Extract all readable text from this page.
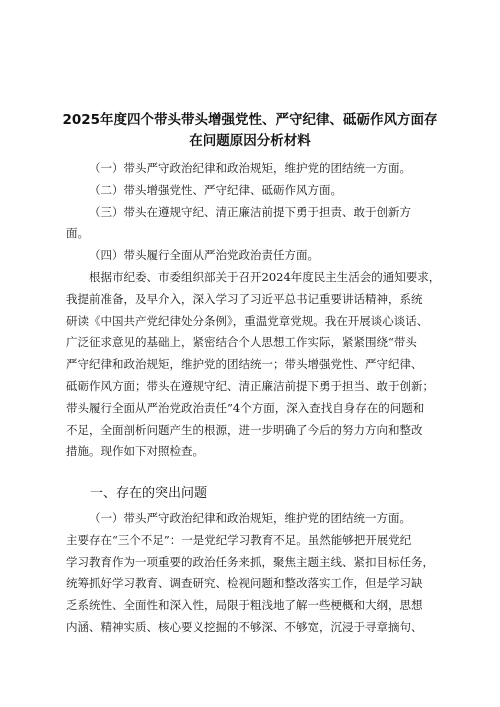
2025年度四个带头带头增强党性、严守纪律、砥砺作风方面存
在问题原因分析材料
（一）带头严守政治纪律和政治规矩，维护党的团结统一方面。
（二）带头增强党性、严守纪律、砥砺作风方面。
（三）带头在遵规守纪、清正廉洁前提下勇于担责、敢于创新方
面。
（四）带头履行全面从严治党政治责任方面。
根据市纪委、市委组织部关于召开2024年度民主生活会的通知要求，
我提前准备，及早介入，深入学习了习近平总书记重要讲话精神，系统
研读《中国共产党纪律处分条例》，重温党章党规。我在开展谈心谈话、
广泛征求意见的基础上，紧密结合个人思想工作实际，紧紧围绕“带头
严守纪律和政治规矩，维护党的团结统一；带头增强党性、严守纪律、
砥砺作风方面；带头在遵规守纪、清正廉洁前提下勇于担当、敢于创新；
带头履行全面从严治党政治责任”4个方面，深入查找自身存在的问题和
不足，全面剖析问题产生的根源，进一步明确了今后的努力方向和整改
措施。现作如下对照检查。
一、存在的突出问题
（一）带头严守政治纪律和政治规矩，维护党的团结统一方面。
主要存在“三个不足”：一是党纪学习教育不足。虽然能够把开展党纪
学习教育作为一项重要的政治任务来抓，聚焦主题主线、紧扣目标任务，
统筹抓好学习教育、调查研究、检视问题和整改落实工作，但是学习缺
乏系统性、全面性和深入性，局限于粗浅地了解一些梗概和大纲，思想
内涵、精神实质、核心要义挖掘的不够深、不够宽，沉浸于寻章摘句、
